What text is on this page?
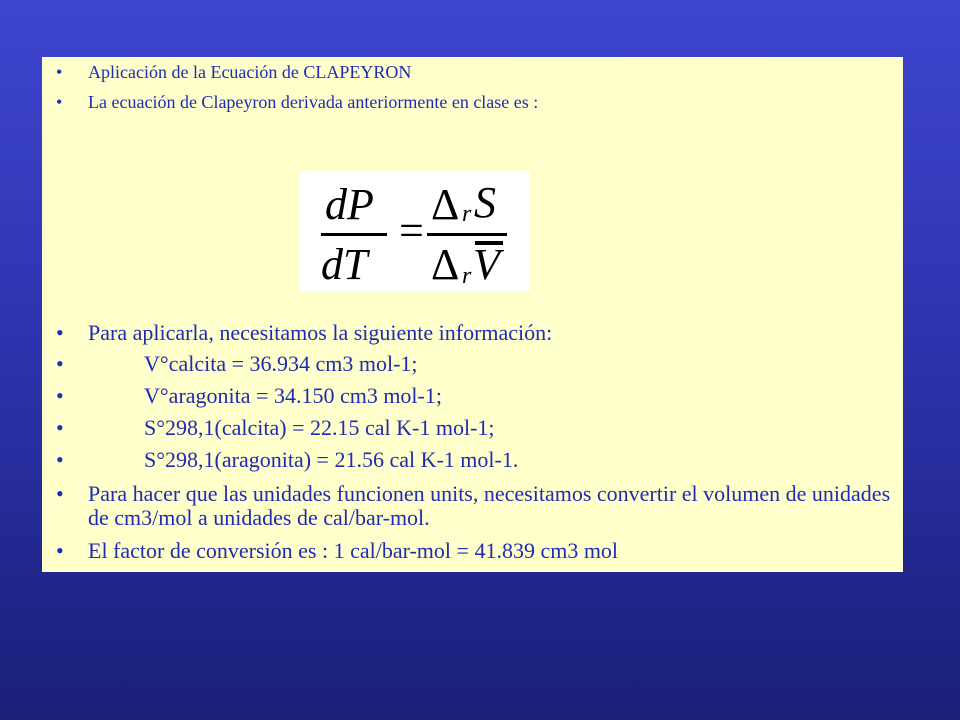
• Aplicación de la Ecuación de CLAPEYRON
• La ecuación de Clapeyron derivada anteriormente en clase es :
dP
dT
=
Δ r S
Δ r V
• Para aplicarla, necesitamos la siguiente información:
•	V°calcita = 36.934 cm3 mol-1;
•	V°aragonita = 34.150 cm3 mol-1;
•	S°298,1(calcita) = 22.15 cal K-1 mol-1;
•	S°298,1(aragonita) = 21.56 cal K-1 mol-1.
• Para hacer que las unidades funcionen units, necesitamos convertir el volumen de unidades de cm3/mol a unidades de cal/bar-mol.
• El factor de conversión es : 1 cal/bar-mol = 41.839 cm3 mol
